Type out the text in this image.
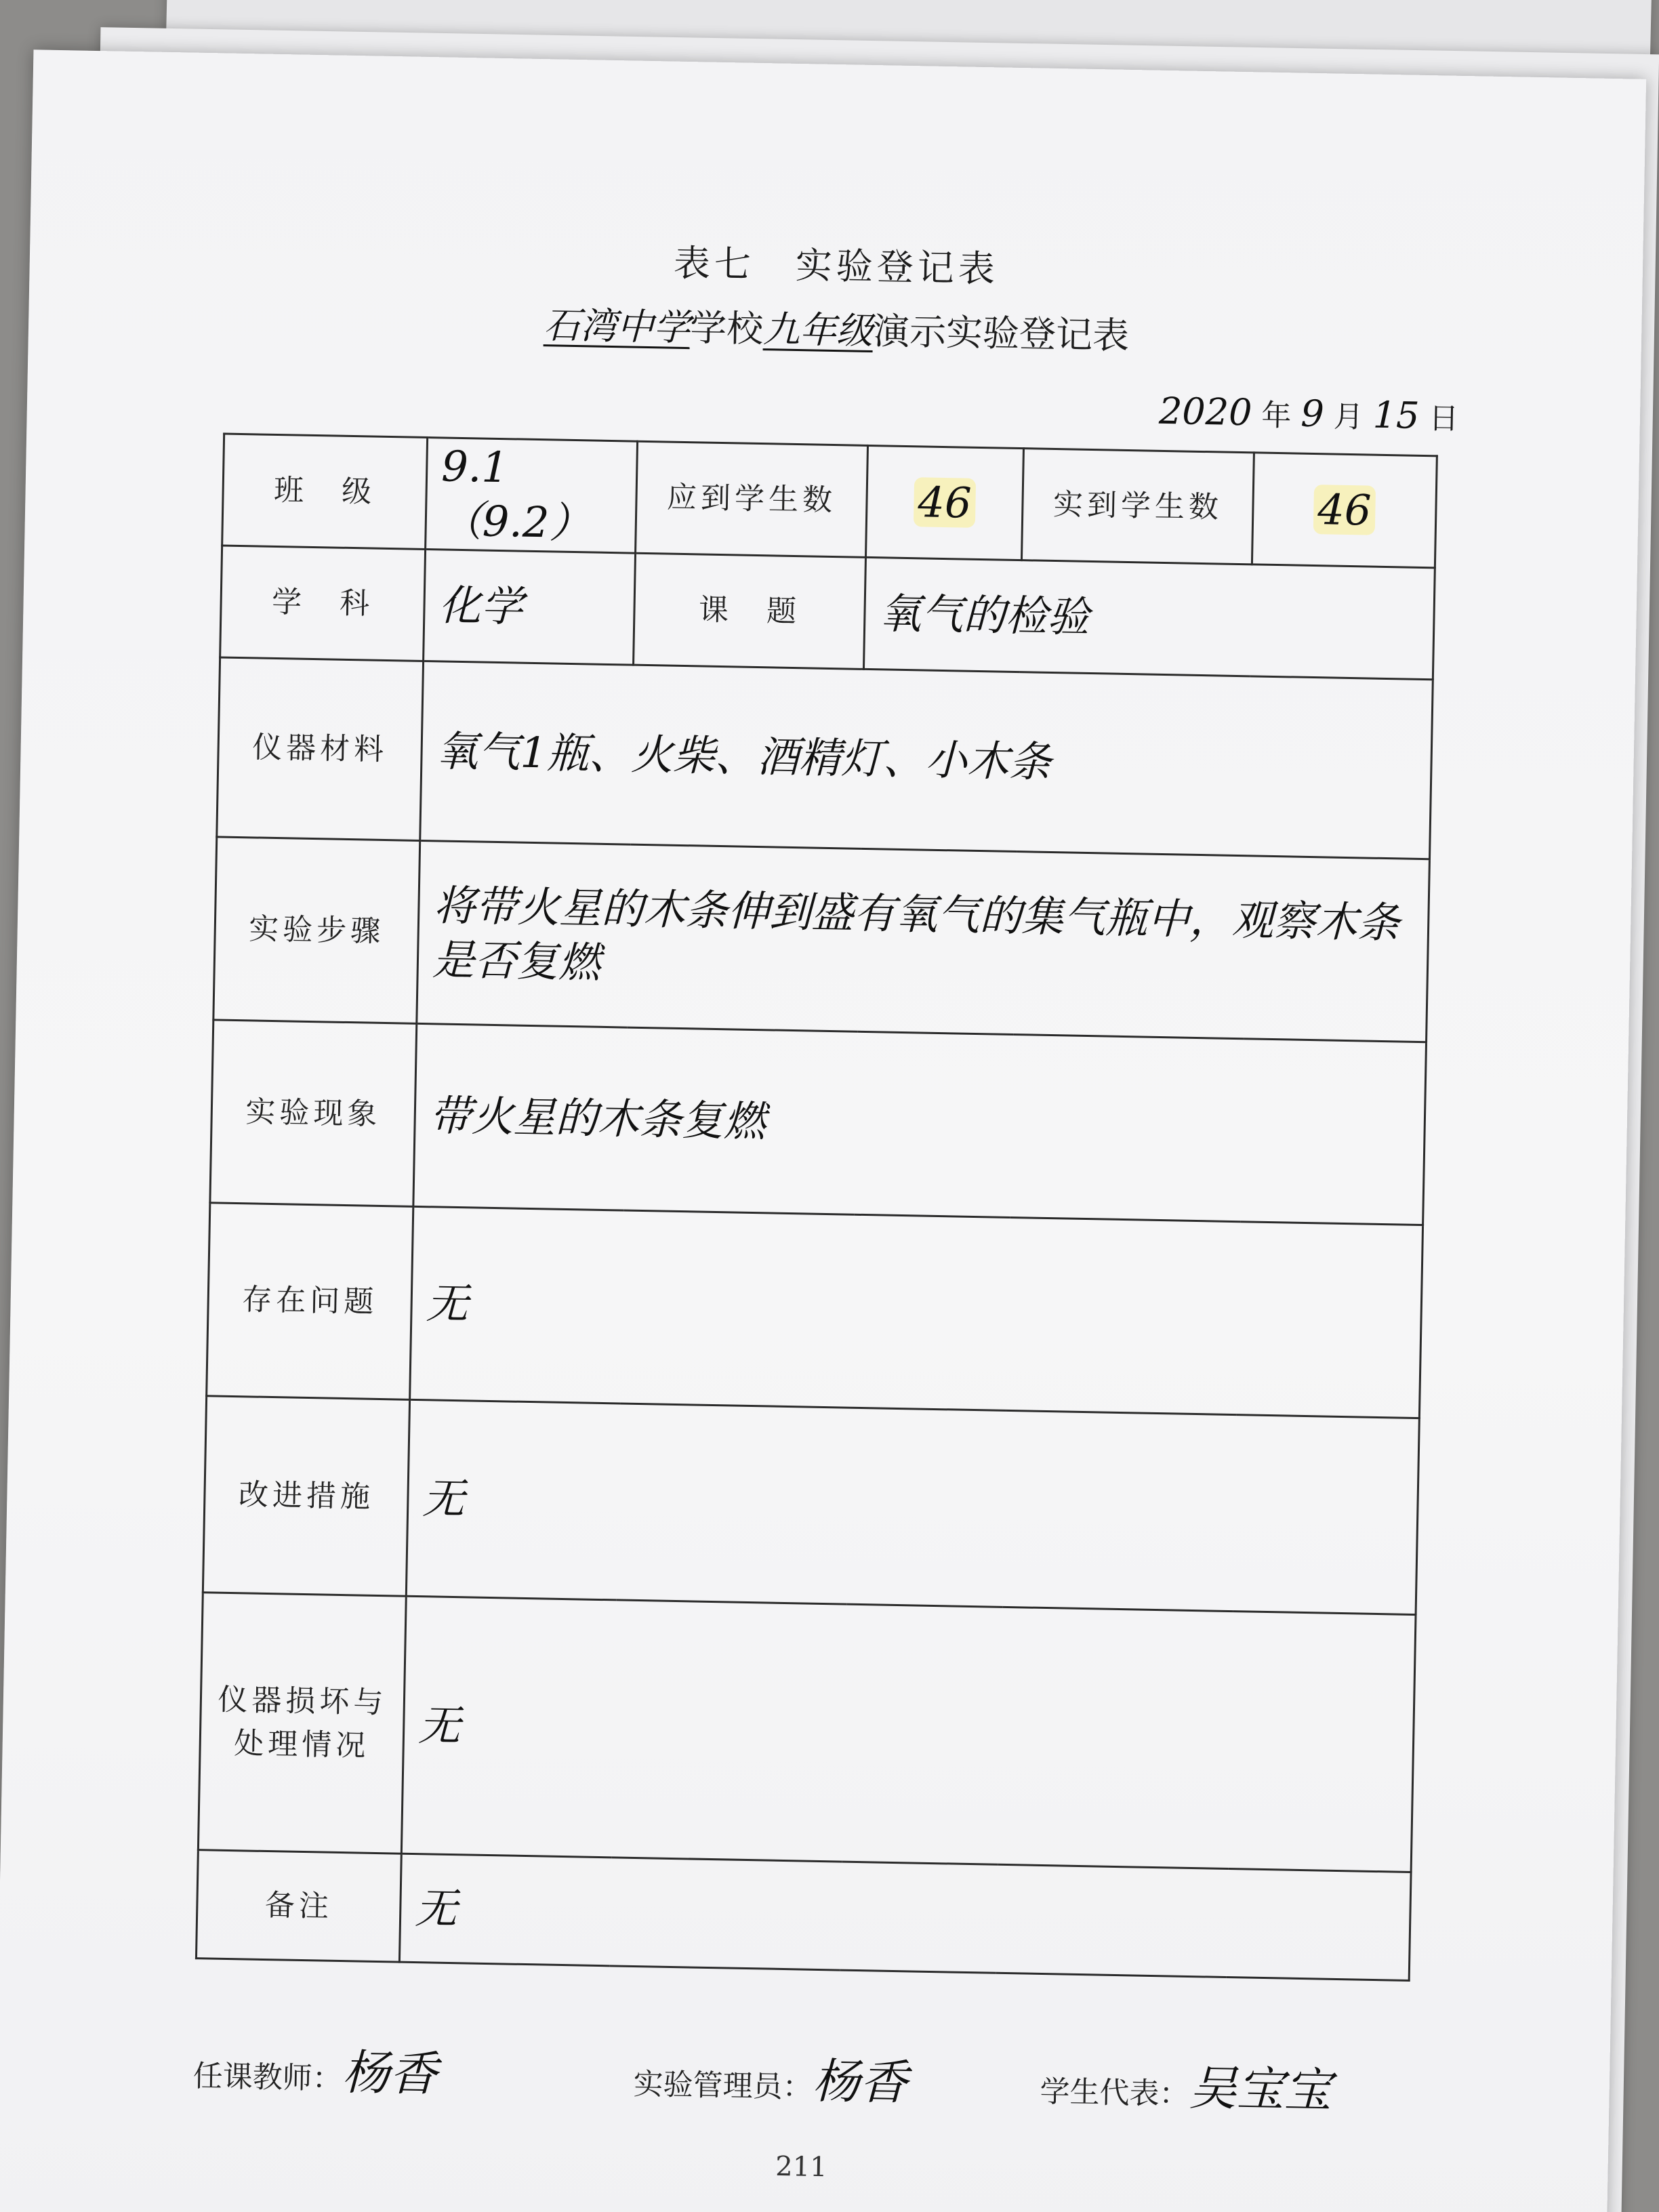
表七　实验登记表
石湾中学学校九年级演示实验登记表
2020 年 9 月 15 日
班　级	9.1（9.2）	应到学生数	46	实到学生数	46
学　科	化学	课　题	氧气的检验		
仪器材料	氧气1瓶、火柴、酒精灯、小木条				
实验步骤	将带火星的木条伸到盛有氧气的集气瓶中，观察木条是否复燃				
实验现象	带火星的木条复燃				
存在问题	无				
改进措施	无				
仪器损坏与处理情况	无				
备注	无				
任课教师：杨香	实验管理员：杨香	学生代表：吴宝宝
211
